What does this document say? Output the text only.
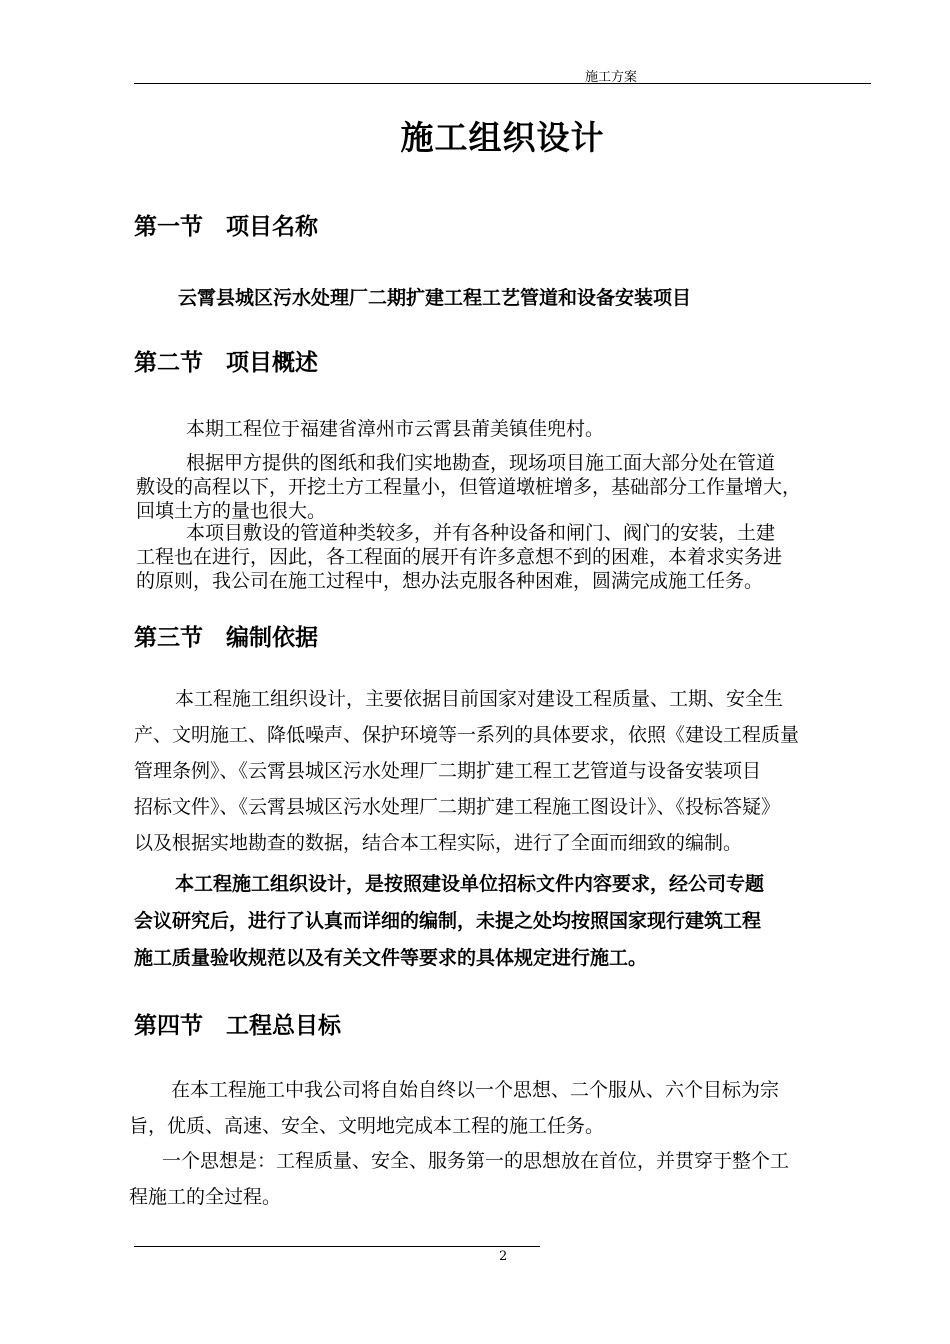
施工方案
施工组织设计
第一节　项目名称
云霄县城区污水处理厂二期扩建工程工艺管道和设备安装项目
第二节　项目概述
本期工程位于福建省漳州市云霄县莆美镇佳兜村。
根据甲方提供的图纸和我们实地勘查，现场项目施工面大部分处在管道
敷设的高程以下，开挖土方工程量小，但管道墩桩增多，基础部分工作量增大，
回填土方的量也很大。
本项目敷设的管道种类较多，并有各种设备和闸门、阀门的安装，土建
工程也在进行，因此，各工程面的展开有许多意想不到的困难，本着求实务进
的原则，我公司在施工过程中，想办法克服各种困难，圆满完成施工任务。
第三节　编制依据
本工程施工组织设计，主要依据目前国家对建设工程质量、工期、安全生
产、文明施工、降低噪声、保护环境等一系列的具体要求，依照《建设工程质量
管理条例》、《云霄县城区污水处理厂二期扩建工程工艺管道与设备安装项目
招标文件》、《云霄县城区污水处理厂二期扩建工程施工图设计》、《投标答疑》
以及根据实地勘查的数据，结合本工程实际，进行了全面而细致的编制。
本工程施工组织设计，是按照建设单位招标文件内容要求，经公司专题
会议研究后，进行了认真而详细的编制，未提之处均按照国家现行建筑工程
施工质量验收规范以及有关文件等要求的具体规定进行施工。
第四节　工程总目标
在本工程施工中我公司将自始自终以一个思想、二个服从、六个目标为宗
旨，优质、高速、安全、文明地完成本工程的施工任务。
一个思想是：工程质量、安全、服务第一的思想放在首位，并贯穿于整个工
程施工的全过程。
2
